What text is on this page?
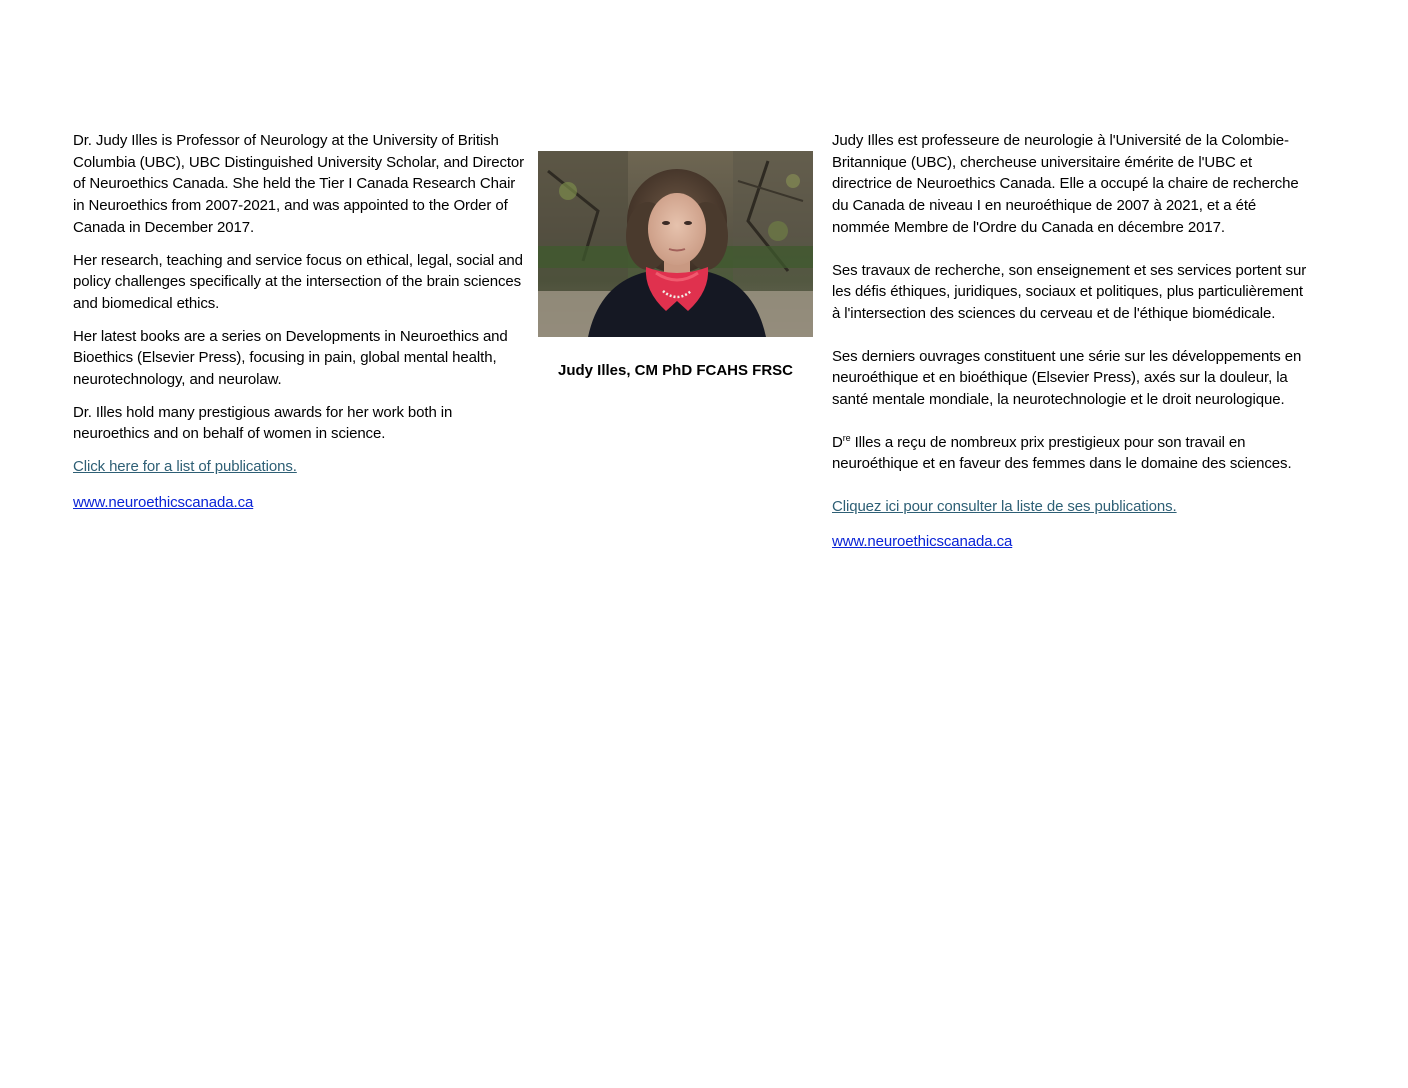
Dr. Judy Illes is Professor of Neurology at the University of British Columbia (UBC), UBC Distinguished University Scholar, and Director of Neuroethics Canada. She held the Tier I Canada Research Chair in Neuroethics from 2007-2021, and was appointed to the Order of Canada in December 2017.

Her research, teaching and service focus on ethical, legal, social and policy challenges specifically at the intersection of the brain sciences and biomedical ethics.

Her latest books are a series on Developments in Neuroethics and Bioethics (Elsevier Press), focusing in pain, global mental health, neurotechnology, and neurolaw.

Dr. Illes hold many prestigious awards for her work both in neuroethics and on behalf of women in science.

Click here for a list of publications.

www.neuroethicscanada.ca

Judy Illes, CM PhD FCAHS FRSC

Judy Illes est professeure de neurologie à l'Université de la Colombie-Britannique (UBC), chercheuse universitaire émérite de l'UBC et directrice de Neuroethics Canada. Elle a occupé la chaire de recherche du Canada de niveau I en neuroéthique de 2007 à 2021, et a été nommée Membre de l'Ordre du Canada en décembre 2017.

Ses travaux de recherche, son enseignement et ses services portent sur les défis éthiques, juridiques, sociaux et politiques, plus particulièrement à l'intersection des sciences du cerveau et de l'éthique biomédicale.

Ses derniers ouvrages constituent une série sur les développements en neuroéthique et en bioéthique (Elsevier Press), axés sur la douleur, la santé mentale mondiale, la neurotechnologie et le droit neurologique.

Dre Illes a reçu de nombreux prix prestigieux pour son travail en neuroéthique et en faveur des femmes dans le domaine des sciences.

Cliquez ici pour consulter la liste de ses publications.

www.neuroethicscanada.ca
